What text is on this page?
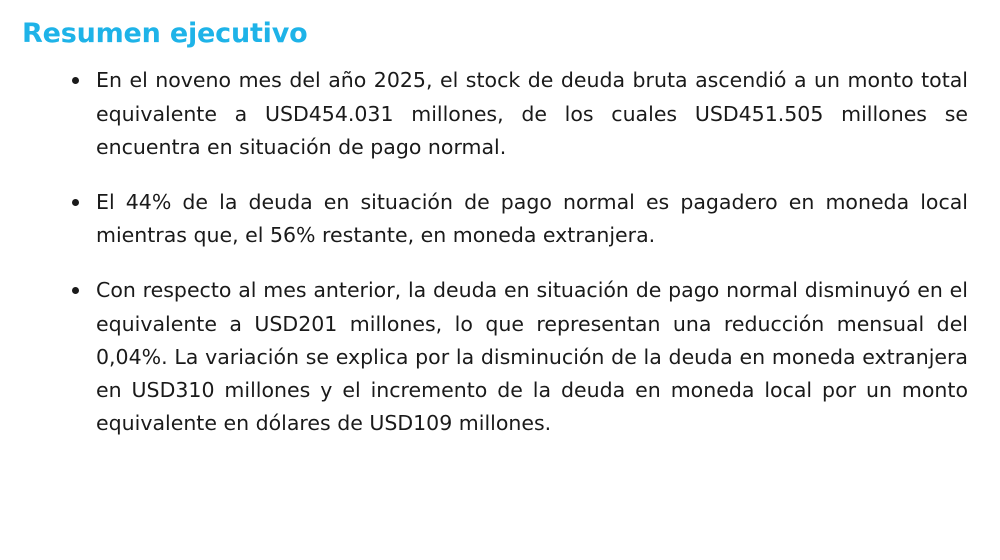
Resumen ejecutivo
En el noveno mes del año 2025, el stock de deuda bruta ascendió a un monto total equivalente a USD454.031 millones, de los cuales USD451.505 millones se encuentra en situación de pago normal.
El 44% de la deuda en situación de pago normal es pagadero en moneda local mientras que, el 56% restante, en moneda extranjera.
Con respecto al mes anterior, la deuda en situación de pago normal disminuyó en el equivalente a USD201 millones, lo que representan una reducción mensual del 0,04%. La variación se explica por la disminución de la deuda en moneda extranjera en USD310 millones y el incremento de la deuda en moneda local por un monto equivalente en dólares de USD109 millones.
